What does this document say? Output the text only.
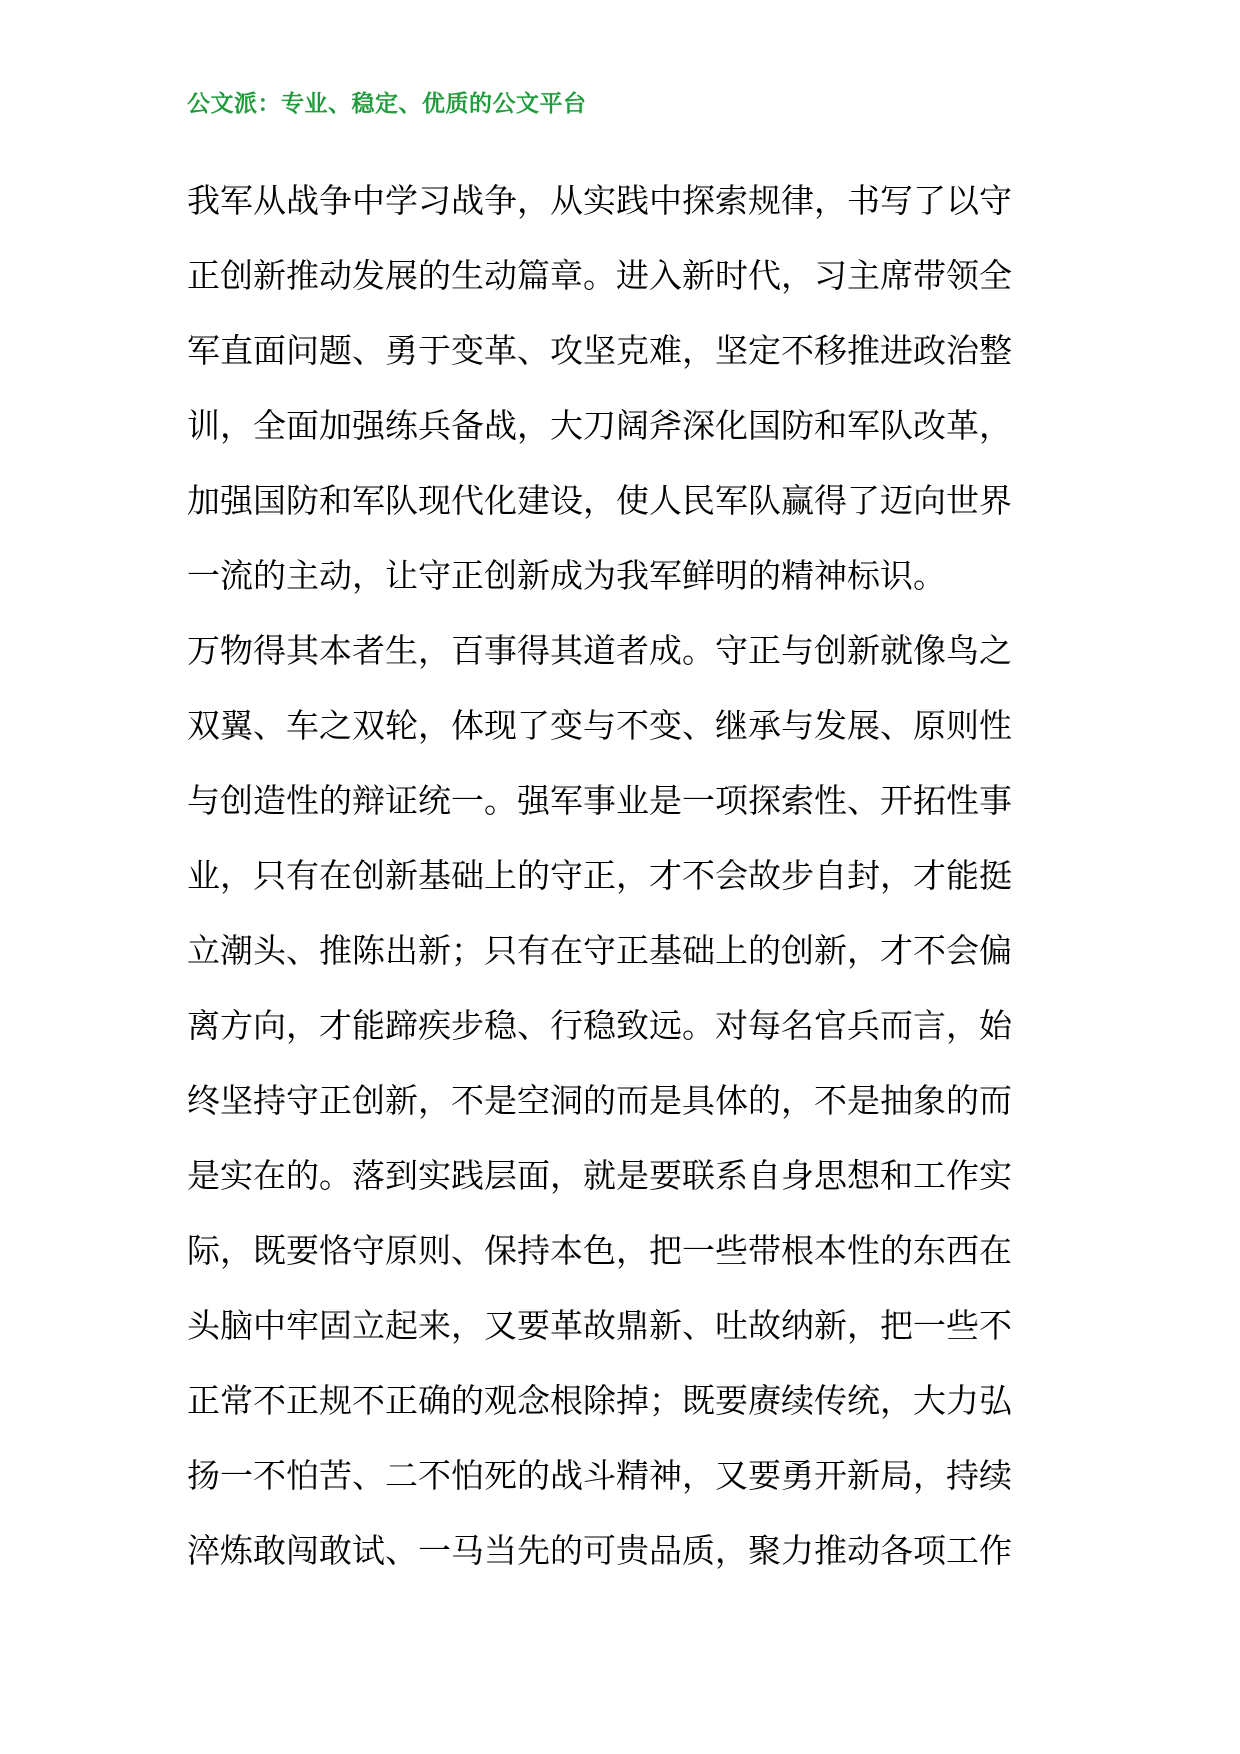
公文派：专业、稳定、优质的公文平台
我军从战争中学习战争，从实践中探索规律，书写了以守
正创新推动发展的生动篇章。进入新时代，习主席带领全
军直面问题、勇于变革、攻坚克难，坚定不移推进政治整
训，全面加强练兵备战，大刀阔斧深化国防和军队改革，
加强国防和军队现代化建设，使人民军队赢得了迈向世界
一流的主动，让守正创新成为我军鲜明的精神标识。
万物得其本者生，百事得其道者成。守正与创新就像鸟之
双翼、车之双轮，体现了变与不变、继承与发展、原则性
与创造性的辩证统一。强军事业是一项探索性、开拓性事
业，只有在创新基础上的守正，才不会故步自封，才能挺
立潮头、推陈出新；只有在守正基础上的创新，才不会偏
离方向，才能蹄疾步稳、行稳致远。对每名官兵而言，始
终坚持守正创新，不是空洞的而是具体的，不是抽象的而
是实在的。落到实践层面，就是要联系自身思想和工作实
际，既要恪守原则、保持本色，把一些带根本性的东西在
头脑中牢固立起来，又要革故鼎新、吐故纳新，把一些不
正常不正规不正确的观念根除掉；既要赓续传统，大力弘
扬一不怕苦、二不怕死的战斗精神，又要勇开新局，持续
淬炼敢闯敢试、一马当先的可贵品质，聚力推动各项工作
